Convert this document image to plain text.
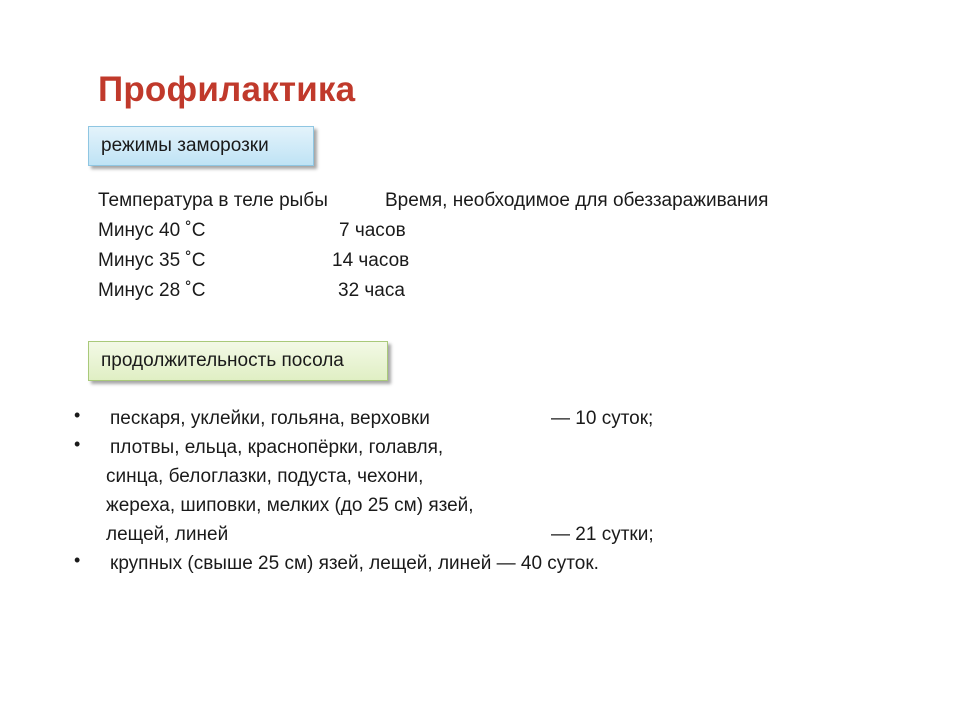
Профилактика
режимы заморозки
Температура в теле рыбы	Время, необходимое для обеззараживания
Минус 40 ˚С	7 часов
Минус 35 ˚С	14 часов
Минус 28 ˚С	32 часа
продолжительность посола
• пескаря, уклейки, гольяна, верховки	— 10 суток;
• плотвы, ельца, краснопёрки, голавля,
синца, белоглазки, подуста, чехони,
жереха, шиповки, мелких (до 25 см) язей,
лещей, линей	— 21 сутки;
• крупных (свыше 25 см) язей, лещей, линей — 40 суток.
